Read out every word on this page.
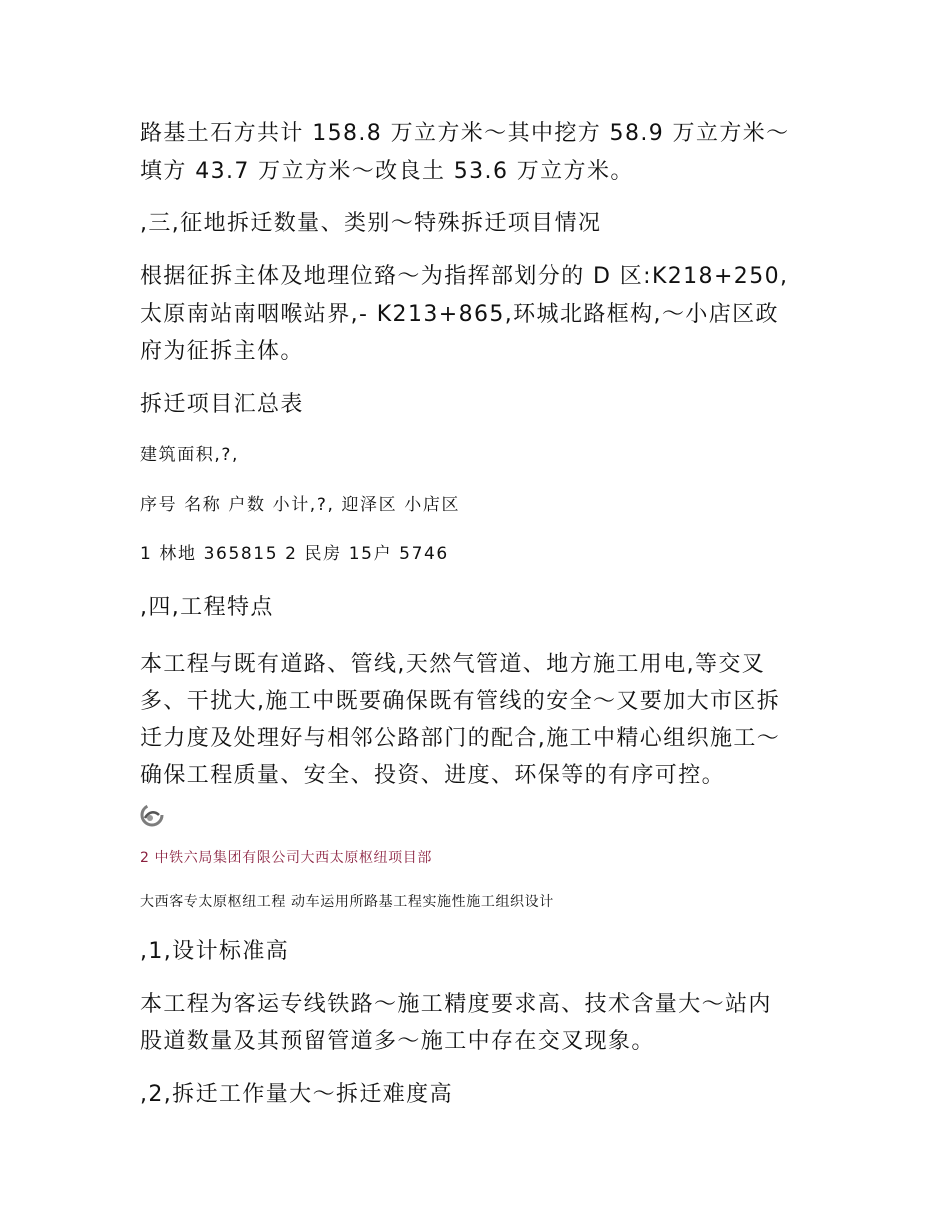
路基土石方共计 158.8 万立方米～其中挖方 58.9 万立方米～

填方 43.7 万立方米～改良土 53.6 万立方米。

,三,征地拆迁数量、类别～特殊拆迁项目情况

根据征拆主体及地理位臵～为指挥部划分的 D 区:K218+250,

太原南站南咽喉站界,- K213+865,环城北路框构,～小店区政

府为征拆主体。

拆迁项目汇总表

建筑面积,?,

序号 名称 户数 小计,?, 迎泽区 小店区

1 林地 365815 2 民房 15户 5746

,四,工程特点

本工程与既有道路、管线,天然气管道、地方施工用电,等交叉

多、干扰大,施工中既要确保既有管线的安全～又要加大市区拆

迁力度及处理好与相邻公路部门的配合,施工中精心组织施工～

确保工程质量、安全、投资、进度、环保等的有序可控。

2 中铁六局集团有限公司大西太原枢纽项目部

大西客专太原枢纽工程 动车运用所路基工程实施性施工组织设计

,1,设计标准高

本工程为客运专线铁路～施工精度要求高、技术含量大～站内

股道数量及其预留管道多～施工中存在交叉现象。

,2,拆迁工作量大～拆迁难度高
